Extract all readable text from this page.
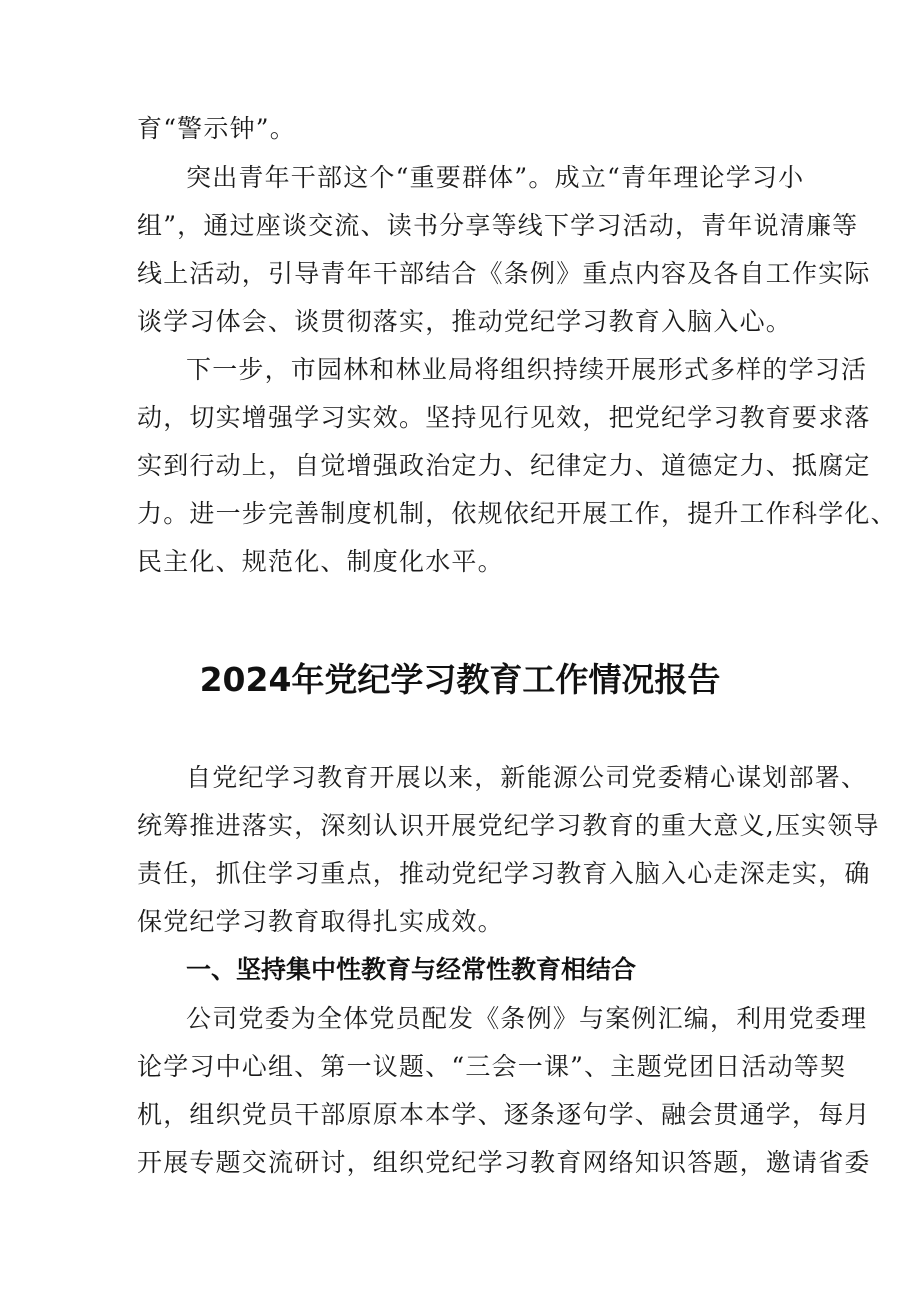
育“警示钟”。
突出青年干部这个“重要群体”。成立“青年理论学习小
组”，通过座谈交流、读书分享等线下学习活动，青年说清廉等
线上活动，引导青年干部结合《条例》重点内容及各自工作实际
谈学习体会、谈贯彻落实，推动党纪学习教育入脑入心。
下一步，市园林和林业局将组织持续开展形式多样的学习活
动，切实增强学习实效。坚持见行见效，把党纪学习教育要求落
实到行动上，自觉增强政治定力、纪律定力、道德定力、抵腐定
力。进一步完善制度机制，依规依纪开展工作，提升工作科学化、
民主化、规范化、制度化水平。
2024年党纪学习教育工作情况报告
自党纪学习教育开展以来，新能源公司党委精心谋划部署、
统筹推进落实，深刻认识开展党纪学习教育的重大意义,压实领导
责任，抓住学习重点，推动党纪学习教育入脑入心走深走实，确
保党纪学习教育取得扎实成效。
一、坚持集中性教育与经常性教育相结合
公司党委为全体党员配发《条例》与案例汇编，利用党委理
论学习中心组、第一议题、“三会一课”、主题党团日活动等契
机，组织党员干部原原本本学、逐条逐句学、融会贯通学，每月
开展专题交流研讨，组织党纪学习教育网络知识答题，邀请省委
